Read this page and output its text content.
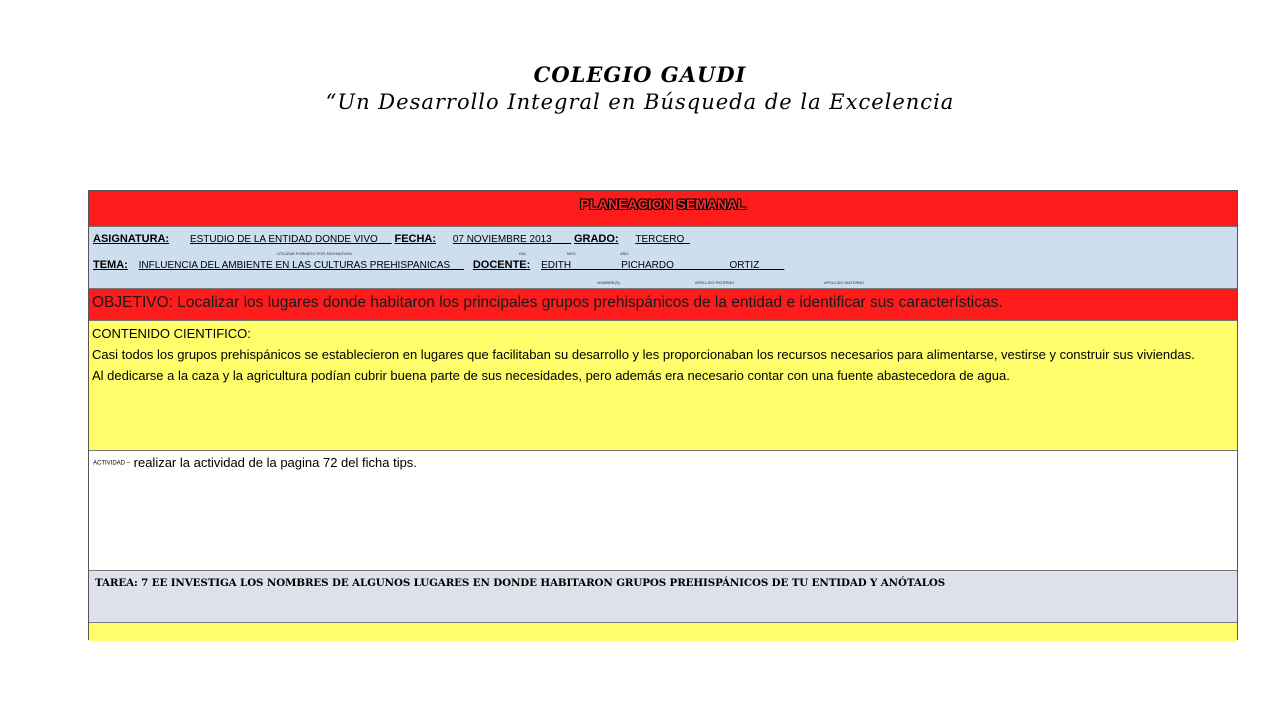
COLEGIO GAUDI
“Un Desarrollo Integral en Búsqueda de la Excelencia
PLANEACION SEMANAL
ASIGNATURA: ESTUDIO DE LA ENTIDAD DONDE VIVO FECHA: 07 NOVIEMBRE 2013 GRADO: TERCERO
UTILIZAR FORMATO POR ASIGNATURA	DÍA	MES	AÑO
TEMA: INFLUENCIA DEL AMBIENTE EN LAS CULTURAS PREHISPANICAS DOCENTE: EDITH	PICHARDO	ORTIZ
NOMBRE(S)	APELLIDO PATERNO	APELLIDO MATERNO
OBJETIVO: Localizar los lugares donde habitaron los principales grupos prehispánicos de la entidad e identificar sus características.

CONTENIDO CIENTIFICO:

Casi todos los grupos prehispánicos se establecieron en lugares que facilitaban su desarrollo y les proporcionaban los recursos necesarios para alimentarse, vestirse y construir sus viviendas.

Al dedicarse a la caza y la agricultura podían cubrir buena parte de sus necesidades, pero además era necesario contar con una fuente abastecedora de agua.

ACTIVIDAD – realizar la actividad de la pagina 72 del ficha tips.
TAREA: 7 EE INVESTIGA LOS NOMBRES DE ALGUNOS LUGARES EN DONDE HABITARON GRUPOS PREHISPÁNICOS DE TU ENTIDAD Y ANÓTALOS
